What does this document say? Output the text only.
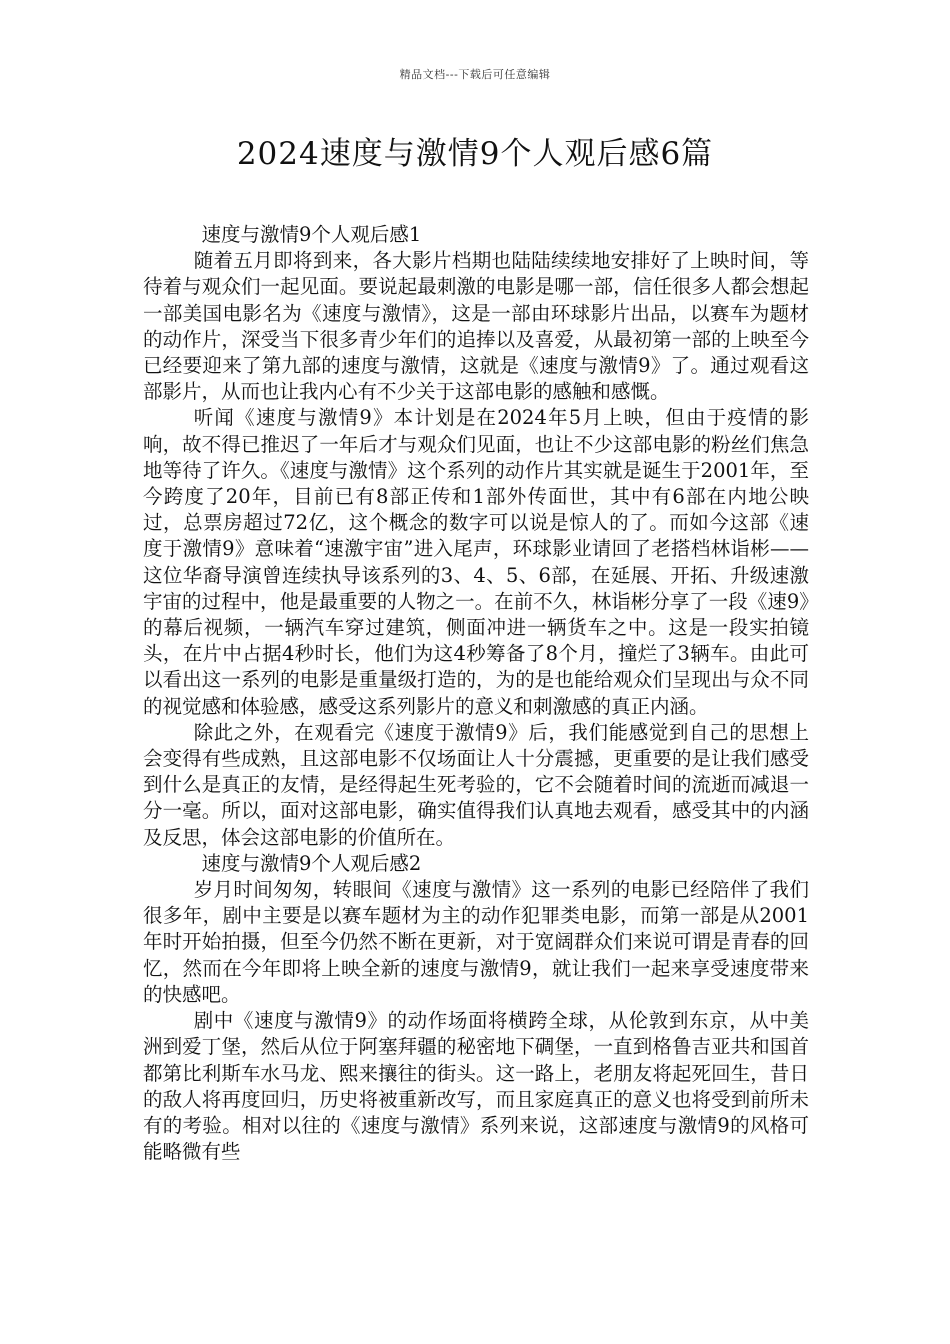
精品文档---下载后可任意编辑
2024速度与激情9个人观后感6篇

速度与激情9个人观后感1

随着五月即将到来，各大影片档期也陆陆续续地安排好了上映时间，等待着与观众们一起见面。要说起最刺激的电影是哪一部，信任很多人都会想起一部美国电影名为《速度与激情》，这是一部由环球影片出品，以赛车为题材的动作片，深受当下很多青少年们的追捧以及喜爱，从最初第一部的上映至今已经要迎来了第九部的速度与激情，这就是《速度与激情9》了。通过观看这部影片，从而也让我内心有不少关于这部电影的感触和感慨。

听闻《速度与激情9》本计划是在2024年5月上映，但由于疫情的影响，故不得已推迟了一年后才与观众们见面，也让不少这部电影的粉丝们焦急地等待了许久。《速度与激情》这个系列的动作片其实就是诞生于2001年，至今跨度了20年，目前已有8部正传和1部外传面世，其中有6部在内地公映过，总票房超过72亿，这个概念的数字可以说是惊人的了。而如今这部《速度于激情9》意味着“速激宇宙”进入尾声，环球影业请回了老搭档林诣彬——这位华裔导演曾连续执导该系列的3、4、5、6部，在延展、开拓、升级速激宇宙的过程中，他是最重要的人物之一。在前不久，林诣彬分享了一段《速9》的幕后视频，一辆汽车穿过建筑，侧面冲进一辆货车之中。这是一段实拍镜头，在片中占据4秒时长，他们为这4秒筹备了8个月，撞烂了3辆车。由此可以看出这一系列的电影是重量级打造的，为的是也能给观众们呈现出与众不同的视觉感和体验感，感受这系列影片的意义和刺激感的真正内涵。

除此之外，在观看完《速度于激情9》后，我们能感觉到自己的思想上会变得有些成熟，且这部电影不仅场面让人十分震撼，更重要的是让我们感受到什么是真正的友情，是经得起生死考验的，它不会随着时间的流逝而减退一分一毫。所以，面对这部电影，确实值得我们认真地去观看，感受其中的内涵及反思，体会这部电影的价值所在。

速度与激情9个人观后感2

岁月时间匆匆，转眼间《速度与激情》这一系列的电影已经陪伴了我们很多年，剧中主要是以赛车题材为主的动作犯罪类电影，而第一部是从2001年时开始拍摄，但至今仍然不断在更新，对于宽阔群众们来说可谓是青春的回忆，然而在今年即将上映全新的速度与激情9，就让我们一起来享受速度带来的快感吧。

剧中《速度与激情9》的动作场面将横跨全球，从伦敦到东京，从中美洲到爱丁堡，然后从位于阿塞拜疆的秘密地下碉堡，一直到格鲁吉亚共和国首都第比利斯车水马龙、熙来攘往的街头。这一路上，老朋友将起死回生，昔日的敌人将再度回归，历史将被重新改写，而且家庭真正的意义也将受到前所未有的考验。相对以往的《速度与激情》系列来说，这部速度与激情9的风格可能略微有些
